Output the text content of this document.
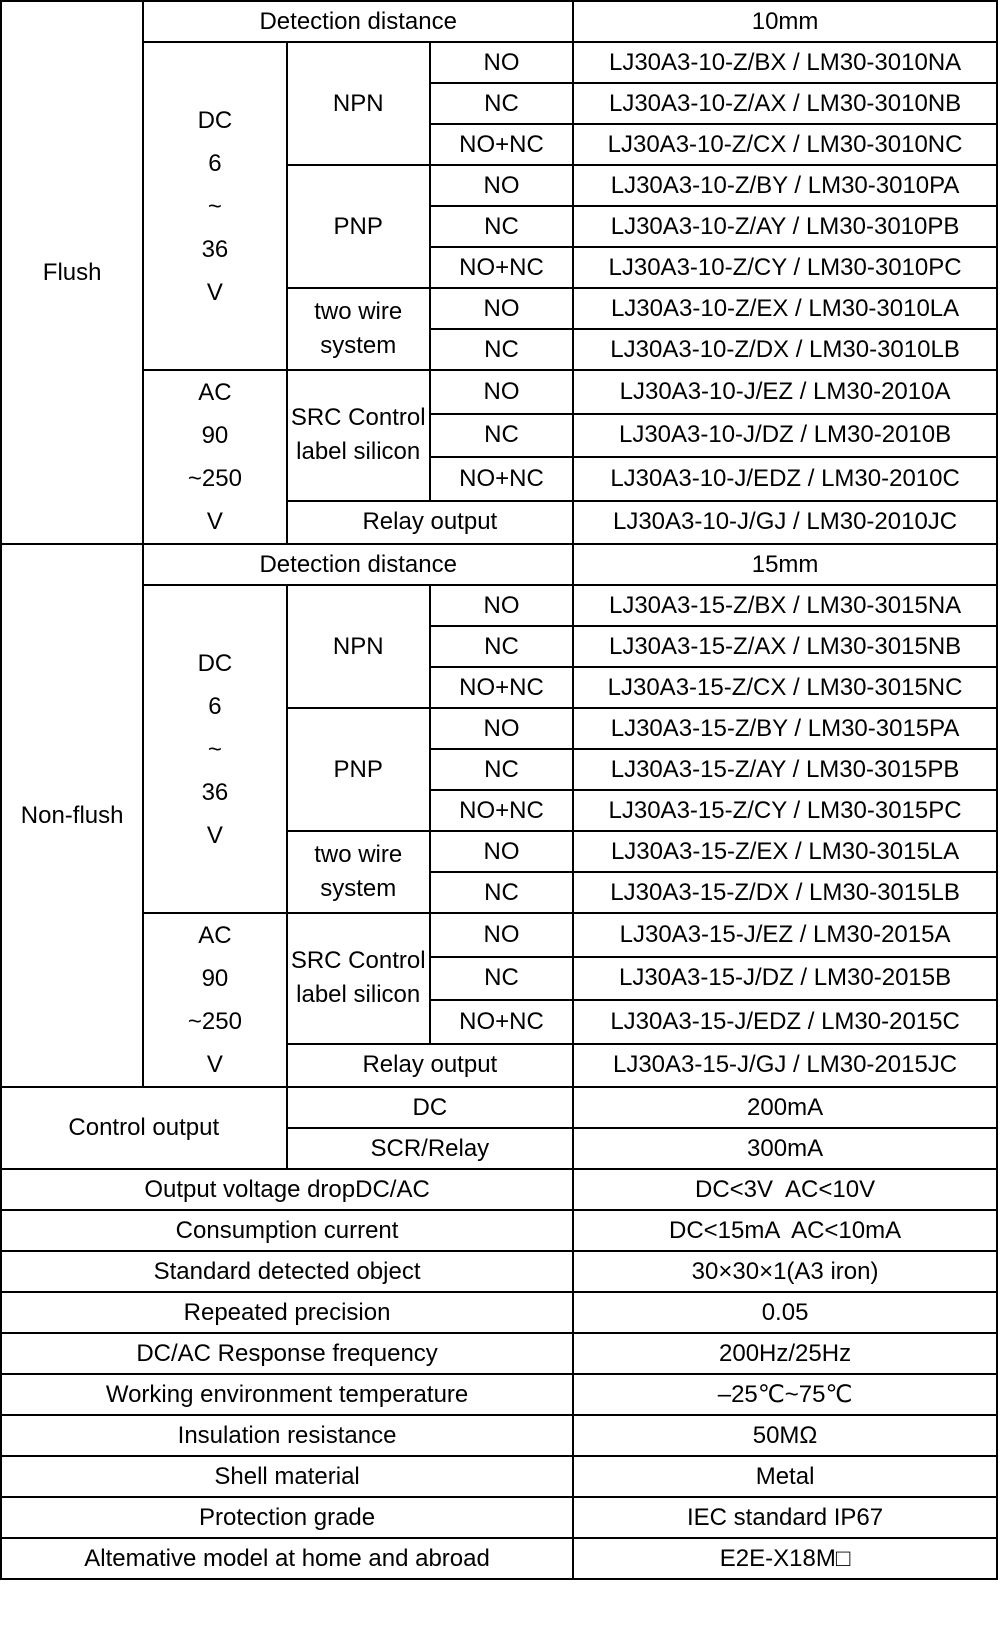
Flush	Detection distance			10mm

	DC
6
~
36
V	NPN	NO	LJ30A3-10-Z/BX / LM30-3010NA
			NC	LJ30A3-10-Z/AX / LM30-3010NB
			NO+NC	LJ30A3-10-Z/CX / LM30-3010NC
		PNP	NO	LJ30A3-10-Z/BY / LM30-3010PA
			NC	LJ30A3-10-Z/AY / LM30-3010PB
			NO+NC	LJ30A3-10-Z/CY / LM30-3010PC
		two wire system	NO	LJ30A3-10-Z/EX / LM30-3010LA
			NC	LJ30A3-10-Z/DX / LM30-3010LB

	AC
90
~250
V	SRC Control label silicon	NO	LJ30A3-10-J/EZ / LM30-2010A
			NC	LJ30A3-10-J/DZ / LM30-2010B
			NO+NC	LJ30A3-10-J/EDZ / LM30-2010C
		Relay output		LJ30A3-10-J/GJ / LM30-2010JC
Non-flush	Detection distance			15mm

	DC
6
~
36
V	NPN	NO	LJ30A3-15-Z/BX / LM30-3015NA
			NC	LJ30A3-15-Z/AX / LM30-3015NB
			NO+NC	LJ30A3-15-Z/CX / LM30-3015NC
		PNP	NO	LJ30A3-15-Z/BY / LM30-3015PA
			NC	LJ30A3-15-Z/AY / LM30-3015PB
			NO+NC	LJ30A3-15-Z/CY / LM30-3015PC
		two wire system	NO	LJ30A3-15-Z/EX / LM30-3015LA
			NC	LJ30A3-15-Z/DX / LM30-3015LB

	AC
90
~250
V	SRC Control label silicon	NO	LJ30A3-15-J/EZ / LM30-2015A
			NC	LJ30A3-15-J/DZ / LM30-2015B
			NO+NC	LJ30A3-15-J/EDZ / LM30-2015C
		Relay output		LJ30A3-15-J/GJ / LM30-2015JC
Control output		DC		200mA
		SCR/Relay		300mA
Output voltage dropDC/AC				DC<3V  AC<10V
Consumption current				DC<15mA  AC<10mA
Standard detected object				30×30×1(A3 iron)
Repeated precision				0.05
DC/AC Response frequency				200Hz/25Hz
Working environment temperature				–25℃~75℃
Insulation resistance				50MΩ
Shell material				Metal
Protection grade				IEC standard IP67
Altemative model at home and abroad				E2E-X18M□
